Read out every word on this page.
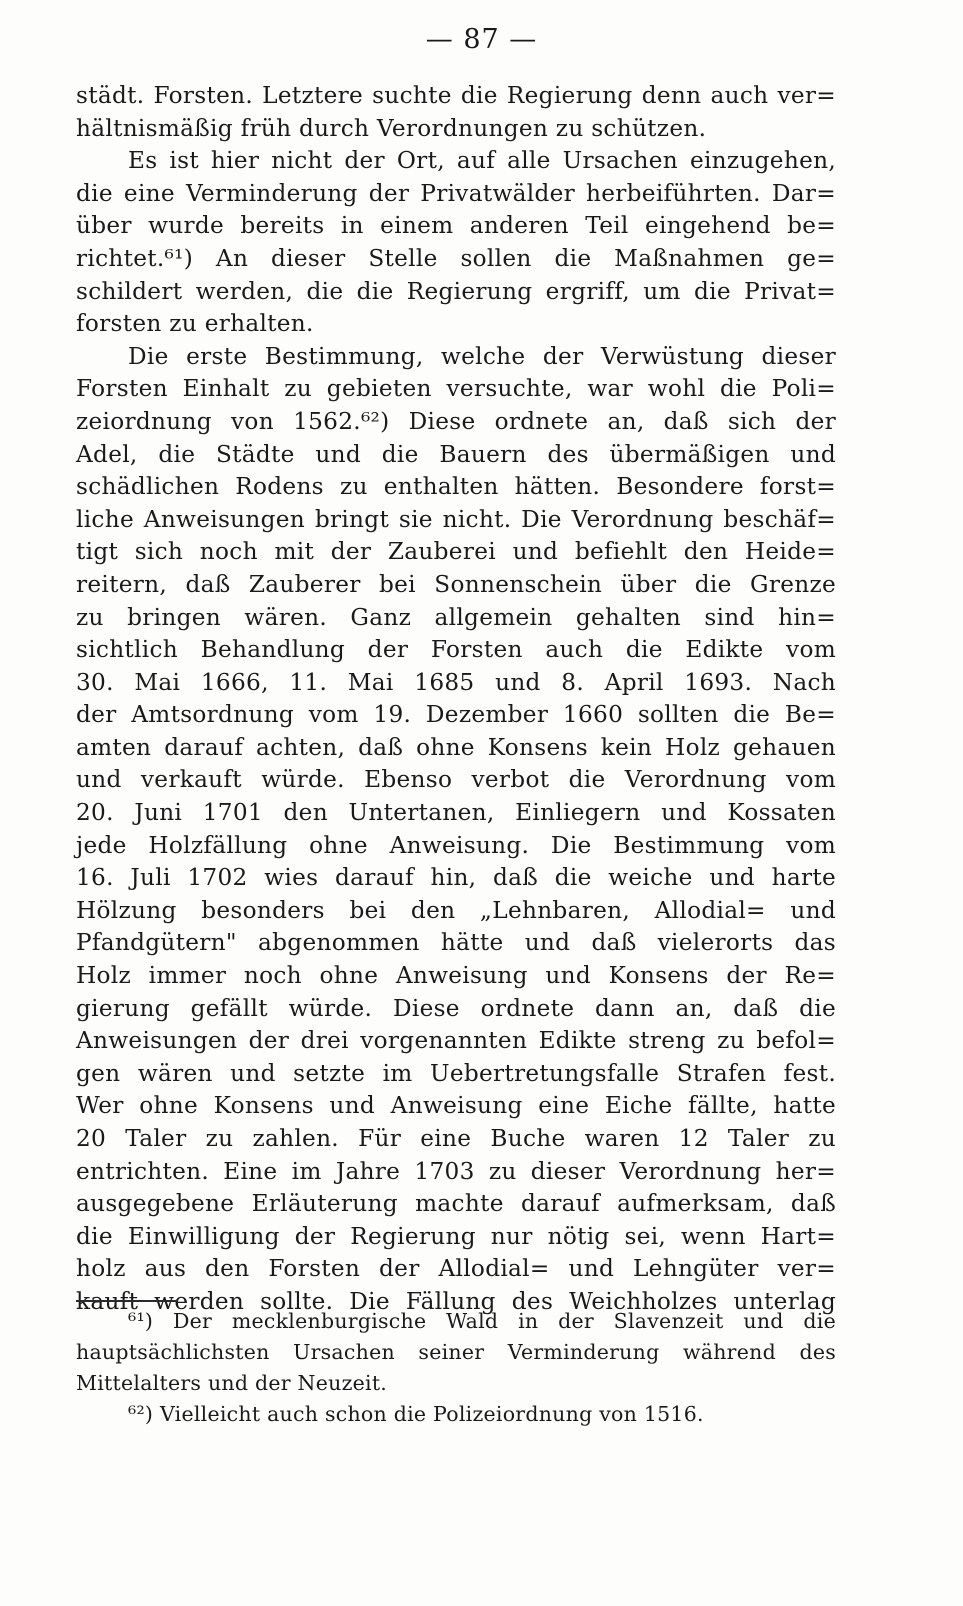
— 87 —
städt. Forsten. Letztere suchte die Regierung denn auch ver=
hältnismäßig früh durch Verordnungen zu schützen.
Es ist hier nicht der Ort, auf alle Ursachen einzugehen,
die eine Verminderung der Privatwälder herbeiführten. Dar=
über wurde bereits in einem anderen Teil eingehend be=
richtet.⁶¹) An dieser Stelle sollen die Maßnahmen ge=
schildert werden, die die Regierung ergriff, um die Privat=
forsten zu erhalten.
Die erste Bestimmung, welche der Verwüstung dieser
Forsten Einhalt zu gebieten versuchte, war wohl die Poli=
zeiordnung von 1562.⁶²) Diese ordnete an, daß sich der
Adel, die Städte und die Bauern des übermäßigen und
schädlichen Rodens zu enthalten hätten. Besondere forst=
liche Anweisungen bringt sie nicht. Die Verordnung beschäf=
tigt sich noch mit der Zauberei und befiehlt den Heide=
reitern, daß Zauberer bei Sonnenschein über die Grenze
zu bringen wären. Ganz allgemein gehalten sind hin=
sichtlich Behandlung der Forsten auch die Edikte vom
30. Mai 1666, 11. Mai 1685 und 8. April 1693. Nach
der Amtsordnung vom 19. Dezember 1660 sollten die Be=
amten darauf achten, daß ohne Konsens kein Holz gehauen
und verkauft würde. Ebenso verbot die Verordnung vom
20. Juni 1701 den Untertanen, Einliegern und Kossaten
jede Holzfällung ohne Anweisung. Die Bestimmung vom
16. Juli 1702 wies darauf hin, daß die weiche und harte
Hölzung besonders bei den „Lehnbaren, Allodial= und
Pfandgütern" abgenommen hätte und daß vielerorts das
Holz immer noch ohne Anweisung und Konsens der Re=
gierung gefällt würde. Diese ordnete dann an, daß die
Anweisungen der drei vorgenannten Edikte streng zu befol=
gen wären und setzte im Uebertretungsfalle Strafen fest.
Wer ohne Konsens und Anweisung eine Eiche fällte, hatte
20 Taler zu zahlen. Für eine Buche waren 12 Taler zu
entrichten. Eine im Jahre 1703 zu dieser Verordnung her=
ausgegebene Erläuterung machte darauf aufmerksam, daß
die Einwilligung der Regierung nur nötig sei, wenn Hart=
holz aus den Forsten der Allodial= und Lehngüter ver=
kauft werden sollte. Die Fällung des Weichholzes unterlag
⁶¹) Der mecklenburgische Wald in der Slavenzeit und die
hauptsächlichsten Ursachen seiner Verminderung während des
Mittelalters und der Neuzeit.
⁶²) Vielleicht auch schon die Polizeiordnung von 1516.
